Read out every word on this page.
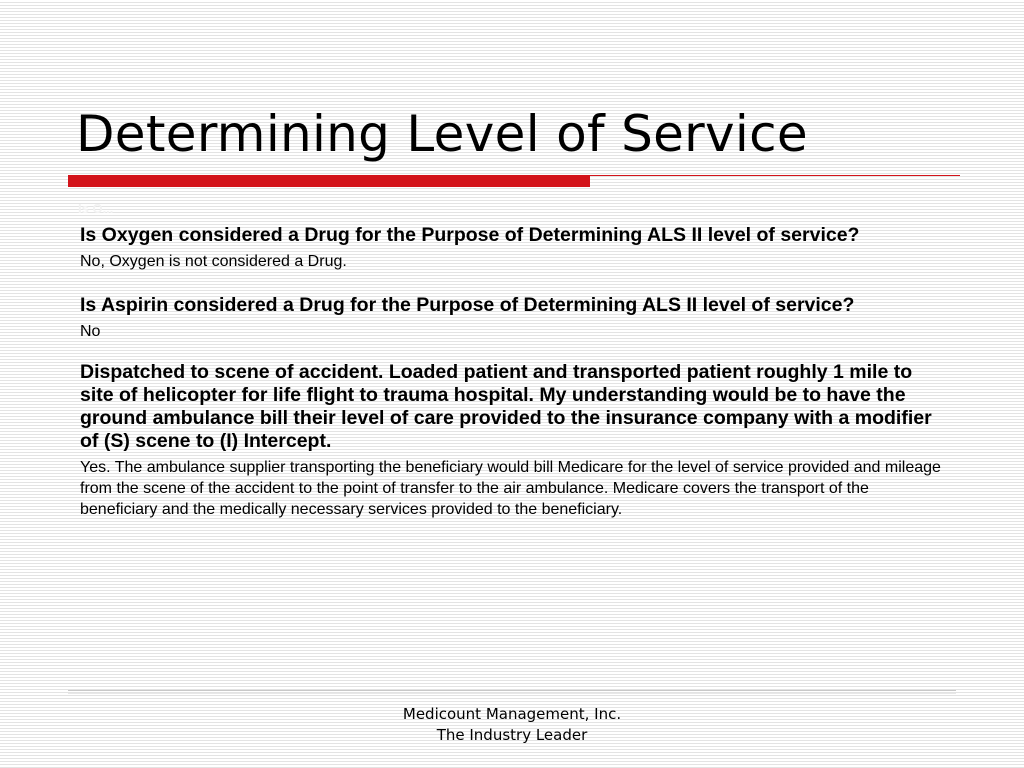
Determining Level of Service
Is O...
Is Oxygen considered a Drug for the Purpose of Determining ALS II level of service?
No, Oxygen is not considered a Drug.
Is Aspirin considered a Drug for the Purpose of Determining ALS II level of service?
No
Dispatched to scene of accident. Loaded patient and transported patient roughly 1 mile to site of helicopter for life flight to trauma hospital. My understanding would be to have the ground ambulance bill their level of care provided to the insurance company with a modifier of (S) scene to (I) Intercept.
Yes. The ambulance supplier transporting the beneficiary would bill Medicare for the level of service provided and mileage from the scene of the accident to the point of transfer to the air ambulance. Medicare covers the transport of the beneficiary and the medically necessary services provided to the beneficiary.
Medicount Management, Inc.
The Industry Leader
